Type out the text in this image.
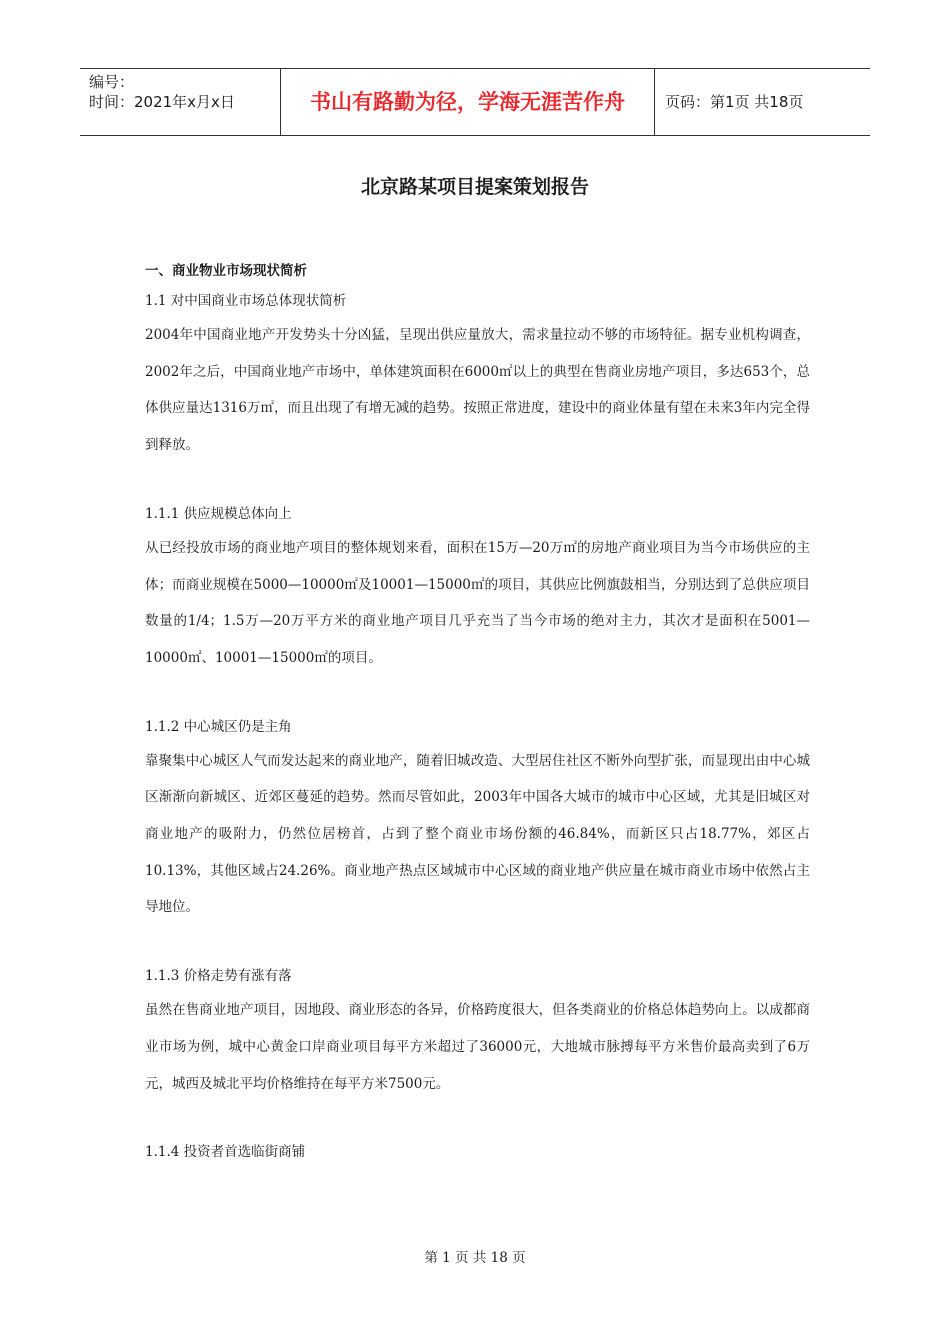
编号：
时间：2021年x月x日	书山有路勤为径，学海无涯苦作舟	页码：第1页 共18页
北京路某项目提案策划报告
一、商业物业市场现状简析
1.1 对中国商业市场总体现状简析
2004年中国商业地产开发势头十分凶猛，呈现出供应量放大，需求量拉动不够的市场特征。据专业机构调查，2002年之后，中国商业地产市场中，单体建筑面积在6000㎡以上的典型在售商业房地产项目，多达653个，总体供应量达1316万㎡，而且出现了有增无减的趋势。按照正常进度，建设中的商业体量有望在未来3年内完全得到释放。
1.1.1 供应规模总体向上
从已经投放市场的商业地产项目的整体规划来看，面积在15万—20万㎡的房地产商业项目为当今市场供应的主体；而商业规模在5000—10000㎡及10001—15000㎡的项目，其供应比例旗鼓相当，分别达到了总供应项目数量的1/4；1.5万—20万平方米的商业地产项目几乎充当了当今市场的绝对主力，其次才是面积在5001—10000㎡、10001—15000㎡的项目。
1.1.2 中心城区仍是主角
靠聚集中心城区人气而发达起来的商业地产，随着旧城改造、大型居住社区不断外向型扩张，而显现出由中心城区渐渐向新城区、近郊区蔓延的趋势。然而尽管如此，2003年中国各大城市的城市中心区域，尤其是旧城区对商业地产的吸附力，仍然位居榜首，占到了整个商业市场份额的46.84%，而新区只占18.77%，郊区占10.13%，其他区域占24.26%。商业地产热点区域城市中心区域的商业地产供应量在城市商业市场中依然占主导地位。
1.1.3 价格走势有涨有落
虽然在售商业地产项目，因地段、商业形态的各异，价格跨度很大，但各类商业的价格总体趋势向上。以成都商业市场为例，城中心黄金口岸商业项目每平方米超过了36000元，大地城市脉搏每平方米售价最高卖到了6万元，城西及城北平均价格维持在每平方米7500元。
1.1.4 投资者首选临街商铺
第 1 页 共 18 页
